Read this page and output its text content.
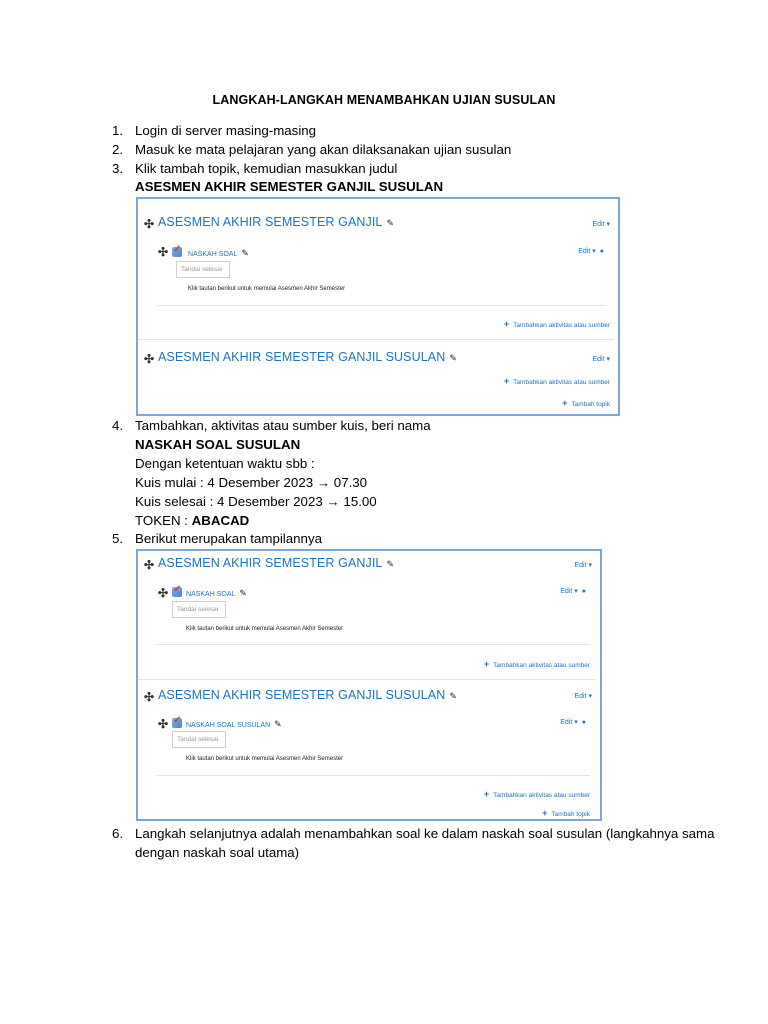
LANGKAH-LANGKAH MENAMBAHKAN UJIAN SUSULAN
1. Login di server masing-masing
2. Masuk ke mata pelajaran yang akan dilaksanakan ujian susulan
3. Klik tambah topik, kemudian masukkan judul
ASESMEN AKHIR SEMESTER GANJIL SUSULAN
✣ ASESMEN AKHIR SEMESTER GANJIL ✎	Edit ▾
✣ ✓	NASKAH SOAL ✎	Edit ▾ ●
Tandai selesai
Klik tautan berikut untuk memulai Asesmen Akhir Semester
+ Tambahkan aktivitas atau sumber
✣ ASESMEN AKHIR SEMESTER GANJIL SUSULAN ✎	Edit ▾
+ Tambahkan aktivitas atau sumber
+ Tambah topik
4. Tambahkan, aktivitas atau sumber kuis, beri nama
NASKAH SOAL SUSULAN
Dengan ketentuan waktu sbb :
Kuis mulai : 4 Desember 2023 → 07.30
Kuis selesai : 4 Desember 2023 → 15.00
TOKEN : ABACAD
5. Berikut merupakan tampilannya
✣ ASESMEN AKHIR SEMESTER GANJIL ✎	Edit ▾
✣ ✓	NASKAH SOAL ✎	Edit ▾ ●
Tandai selesai
Klik tautan berikut untuk memulai Asesmen Akhir Semester
+ Tambahkan aktivitas atau sumber
✣ ASESMEN AKHIR SEMESTER GANJIL SUSULAN ✎	Edit ▾
✣ ✓	NASKAH SOAL SUSULAN ✎	Edit ▾ ●
Tandai selesai
Klik tautan berikut untuk memulai Asesmen Akhir Semester
+ Tambahkan aktivitas atau sumber
+ Tambah topik
6. Langkah selanjutnya adalah menambahkan soal ke dalam naskah soal susulan (langkahnya sama
dengan naskah soal utama)
